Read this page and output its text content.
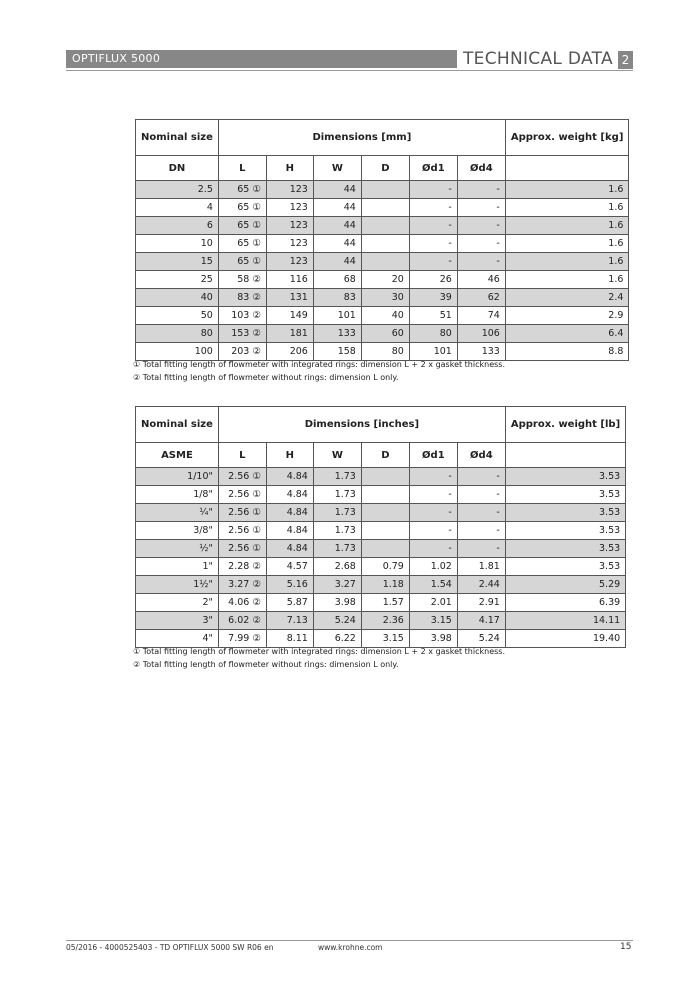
OPTIFLUX 5000	TECHNICAL DATA 2
Nominal size	Dimensions [mm]						Approx. weight [kg]
DN	L	H	W	D	Ød1	Ød4	
2.5	65 ①	123	44		-	-	1.6
4	65 ①	123	44		-	-	1.6
6	65 ①	123	44		-	-	1.6
10	65 ①	123	44		-	-	1.6
15	65 ①	123	44		-	-	1.6
25	58 ②	116	68	20	26	46	1.6
40	83 ②	131	83	30	39	62	2.4
50	103 ②	149	101	40	51	74	2.9
80	153 ②	181	133	60	80	106	6.4
100	203 ②	206	158	80	101	133	8.8
① Total fitting length of flowmeter with integrated rings: dimension L + 2 x gasket thickness.
② Total fitting length of flowmeter without rings: dimension L only.
Nominal size	Dimensions [inches]						Approx. weight [lb]
ASME	L	H	W	D	Ød1	Ød4	
1/10"	2.56 ①	4.84	1.73		-	-	3.53
1/8"	2.56 ①	4.84	1.73		-	-	3.53
¼"	2.56 ①	4.84	1.73		-	-	3.53
3/8"	2.56 ①	4.84	1.73		-	-	3.53
½"	2.56 ①	4.84	1.73		-	-	3.53
1"	2.28 ②	4.57	2.68	0.79	1.02	1.81	3.53
1½"	3.27 ②	5.16	3.27	1.18	1.54	2.44	5.29
2"	4.06 ②	5.87	3.98	1.57	2.01	2.91	6.39
3"	6.02 ②	7.13	5.24	2.36	3.15	4.17	14.11
4"	7.99 ②	8.11	6.22	3.15	3.98	5.24	19.40
① Total fitting length of flowmeter with integrated rings: dimension L + 2 x gasket thickness.
② Total fitting length of flowmeter without rings: dimension L only.
05/2016 - 4000525403 - TD OPTIFLUX 5000 SW R06 en	www.krohne.com	15
